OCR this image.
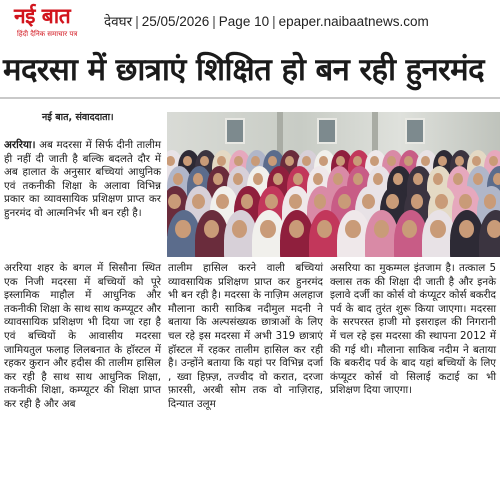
नई बात
हिंदी दैनिक समाचार पत्र
देवघर | 25/05/2026 | Page 10 | epaper.naibaatnews.com
मदरसा में छात्राएं शिक्षित हो बन रही हुनरमंद
नई बात, संवाददाता।
अररिया। अब मदरसा में सिर्फ दीनी तालीम ही नहीं दी जाती है बल्कि बदलते दौर में अब हालात के अनुसार बच्चियां आधुनिक एवं तकनीकी शिक्षा के अलावा विभिन्न प्रकार का व्यावसायिक प्रशिक्षण प्राप्त कर हुनरमंद वो आत्मनिर्भर भी बन रही है।
अररिया शहर के बगल में सिसौना स्थित एक निजी मदरसा में बच्चियों को पूरे इस्लामिक माहौल में आधुनिक और तकनीकी शिक्षा के साथ साथ कम्प्यूटर और व्यावसायिक प्रशिक्षण भी दिया जा रहा है एवं बच्चियों के आवासीय मदरसा जामियतुल फलाह लिलबनात के हॉस्टल में रहकर कुरान और हदीस की तालीम हासिल कर रही है साथ साथ आधुनिक शिक्षा, तकनीकी शिक्षा, कम्प्यूटर की शिक्षा प्राप्त कर रही है और अब
तालीम हासिल करने वाली बच्चियां व्यावसायिक प्रशिक्षण प्राप्त कर हुनरमंद भी बन रही है। मदरसा के नाज़िम अलहाज मौलाना कारी साकिब नदीमुल मदनी ने बताया कि अल्पसंख्यक छात्राओं के लिए चल रहे इस मदरसा में अभी 319 छात्राएं हॉस्टल में रहकर तालीम हासिल कर रही है। उन्होंने बताया कि यहां पर विभिन्न दर्जा , ख्वा हिफ़्ज़, तज्वीद वो करात, दरजा फ़ारसी, अरबी सोम तक वो नाज़िराह, दिन्यात उलूम
असरिया का मुकम्मल इंतजाम है। तत्काल 5 क्लास तक की शिक्षा दी जाती है और इनके इलावे दर्जी का कोर्स वो कंप्यूटर कोर्स बकरीद पर्व के बाद तुरंत शुरू किया जाएगा। मदरसा के सरपरस्त हाजी मो इसराइल की निगरानी में चल रहे इस मदरसा की स्थापना 2012 में की गई थी। मौलाना साकिब नदीम ने बताया कि बकरीद पर्व के बाद यहां बच्चियों के लिए कंप्यूटर कोर्स वो सिलाई कटाई का भी प्रशिक्षण दिया जाएगा।
